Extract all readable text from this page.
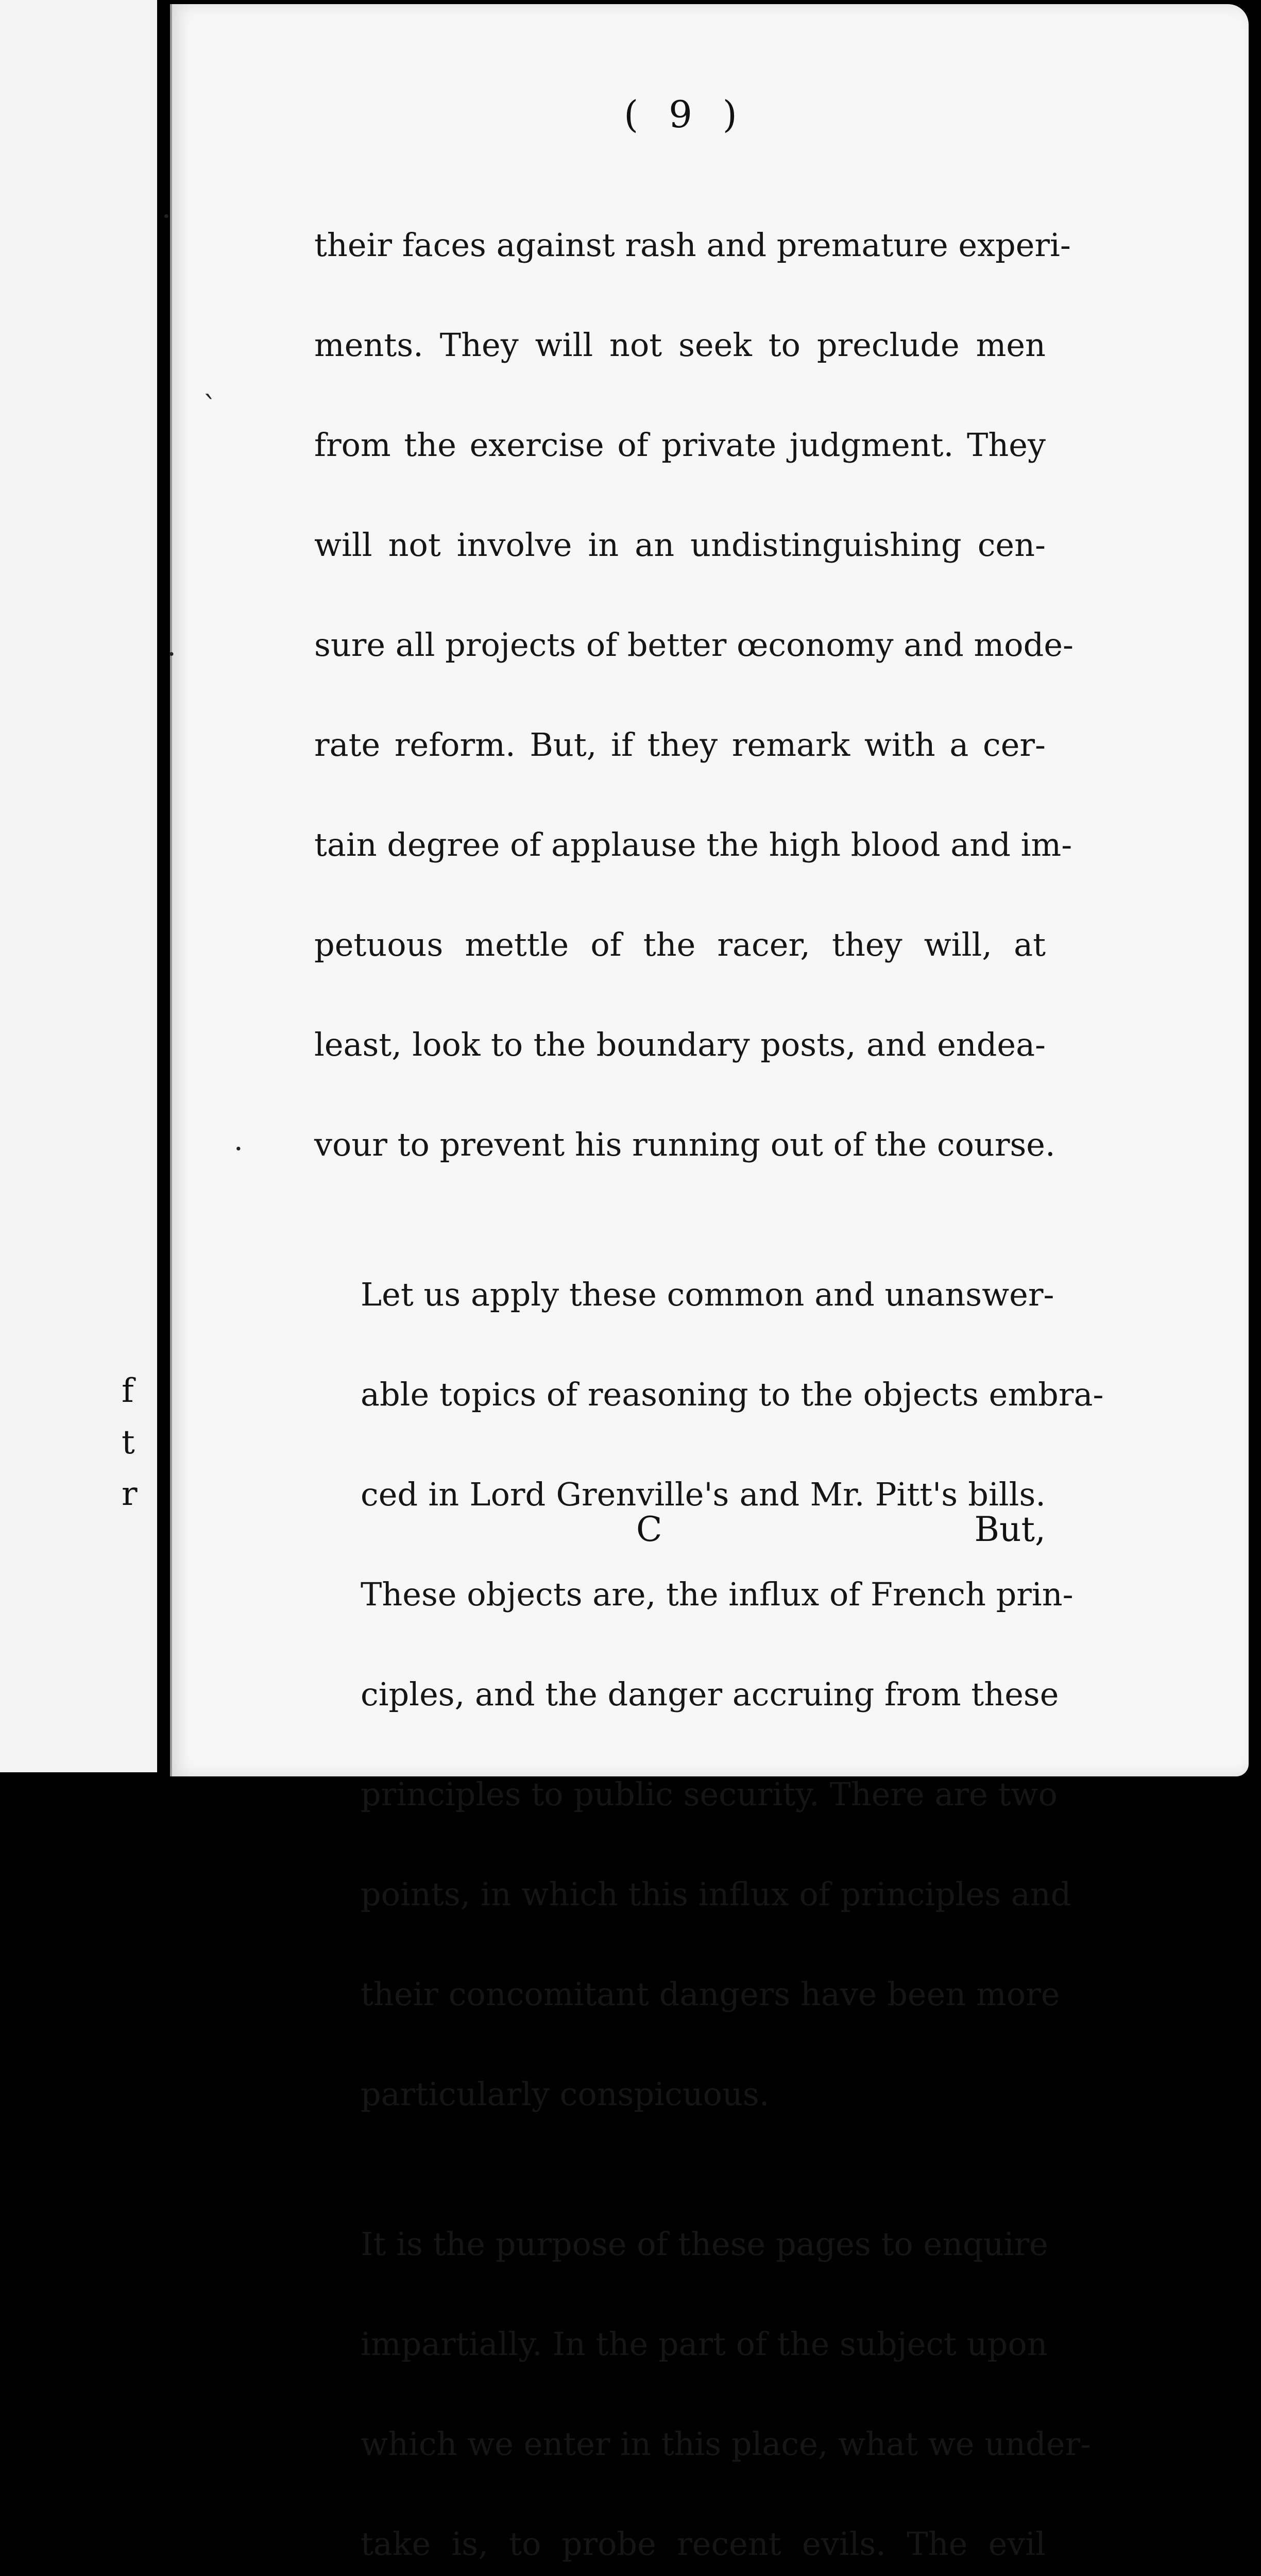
f
t
r
·
`
·
·
( 9 )

their faces against rash and premature experi-

ments. They will not seek to preclude men

from the exercise of private judgment. They

will not involve in an undistinguishing cen-

sure all projects of better œconomy and mode-

rate reform. But, if they remark with a cer-

tain degree of applause the high blood and im-

petuous mettle of the racer, they will, at

least, look to the boundary posts, and endea-

vour to prevent his running out of the course.

Let us apply these common and unanswer-

able topics of reasoning to the objects embra-

ced in Lord Grenville's and Mr. Pitt's bills.

These objects are, the influx of French prin-

ciples, and the danger accruing from these

principles to public security. There are two

points, in which this influx of principles and

their concomitant dangers have been more

particularly conspicuous.

It is the purpose of these pages to enquire

impartially. In the part of the subject upon

which we enter in this place, what we under-

take is, to probe recent evils. The evil

C	But,
